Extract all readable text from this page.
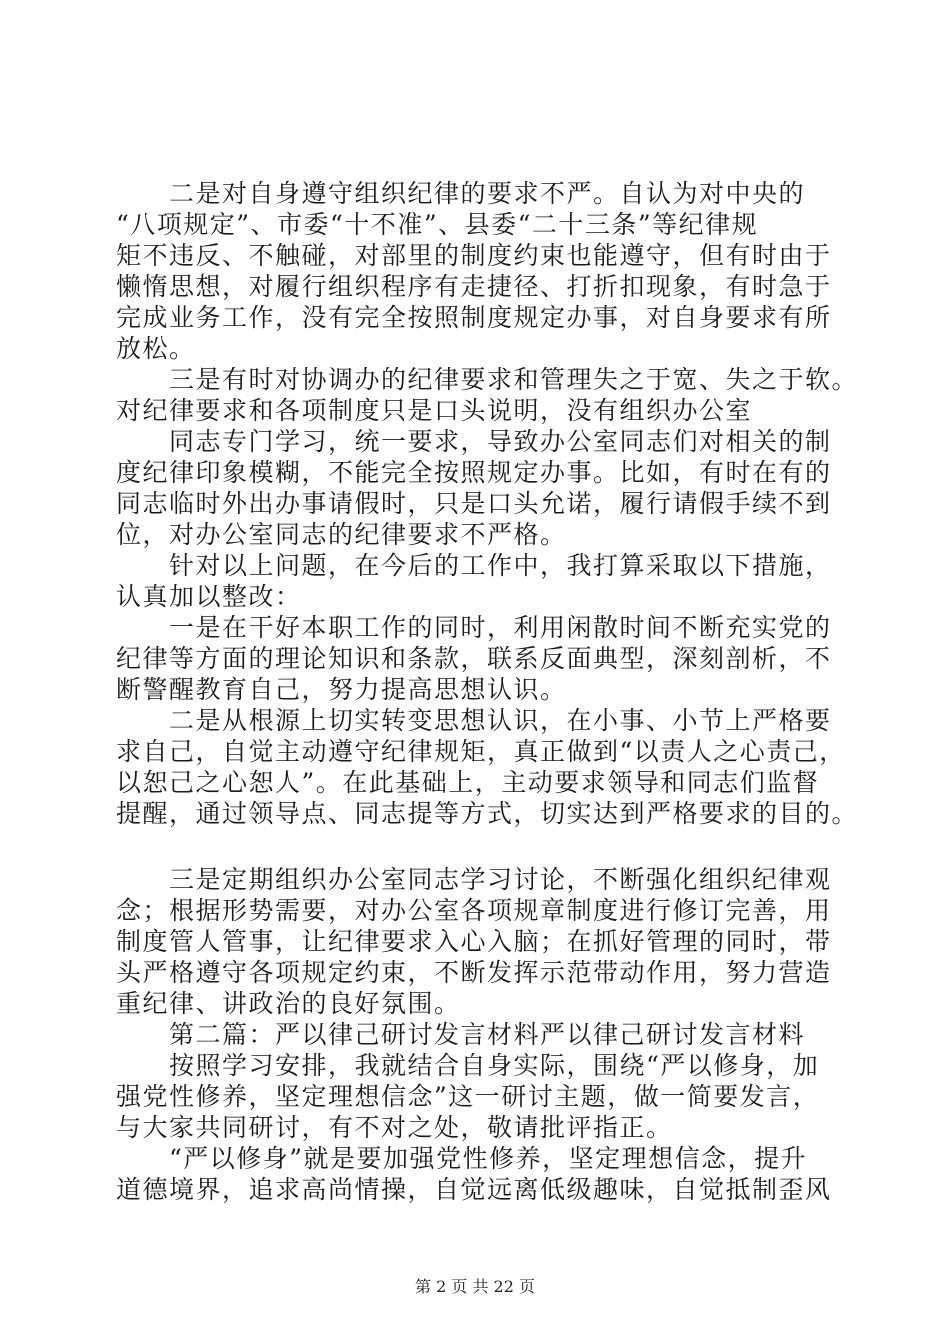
　　二是对自身遵守组织纪律的要求不严。自认为对中央的
“八项规定”、市委“十不准”、县委“二十三条”等纪律规
矩不违反、不触碰，对部里的制度约束也能遵守，但有时由于
懒惰思想，对履行组织程序有走捷径、打折扣现象，有时急于
完成业务工作，没有完全按照制度规定办事，对自身要求有所
放松。
　　三是有时对协调办的纪律要求和管理失之于宽、失之于软。
对纪律要求和各项制度只是口头说明，没有组织办公室
　　同志专门学习，统一要求，导致办公室同志们对相关的制
度纪律印象模糊，不能完全按照规定办事。比如，有时在有的
同志临时外出办事请假时，只是口头允诺，履行请假手续不到
位，对办公室同志的纪律要求不严格。
　　针对以上问题，在今后的工作中，我打算采取以下措施，
认真加以整改：
　　一是在干好本职工作的同时，利用闲散时间不断充实党的
纪律等方面的理论知识和条款，联系反面典型，深刻剖析，不
断警醒教育自己，努力提高思想认识。
　　二是从根源上切实转变思想认识，在小事、小节上严格要
求自己，自觉主动遵守纪律规矩，真正做到“以责人之心责己，
以恕己之心恕人”。在此基础上，主动要求领导和同志们监督
提醒，通过领导点、同志提等方式，切实达到严格要求的目的。
　　三是定期组织办公室同志学习讨论，不断强化组织纪律观
念；根据形势需要，对办公室各项规章制度进行修订完善，用
制度管人管事，让纪律要求入心入脑；在抓好管理的同时，带
头严格遵守各项规定约束，不断发挥示范带动作用，努力营造
重纪律、讲政治的良好氛围。
　　第二篇：严以律己研讨发言材料严以律己研讨发言材料
　　按照学习安排，我就结合自身实际，围绕“严以修身，加
强党性修养，坚定理想信念”这一研讨主题，做一简要发言，
与大家共同研讨，有不对之处，敬请批评指正。
　　“严以修身”就是要加强党性修养，坚定理想信念，提升
道德境界，追求高尚情操，自觉远离低级趣味，自觉抵制歪风
第 2 页 共 22 页
